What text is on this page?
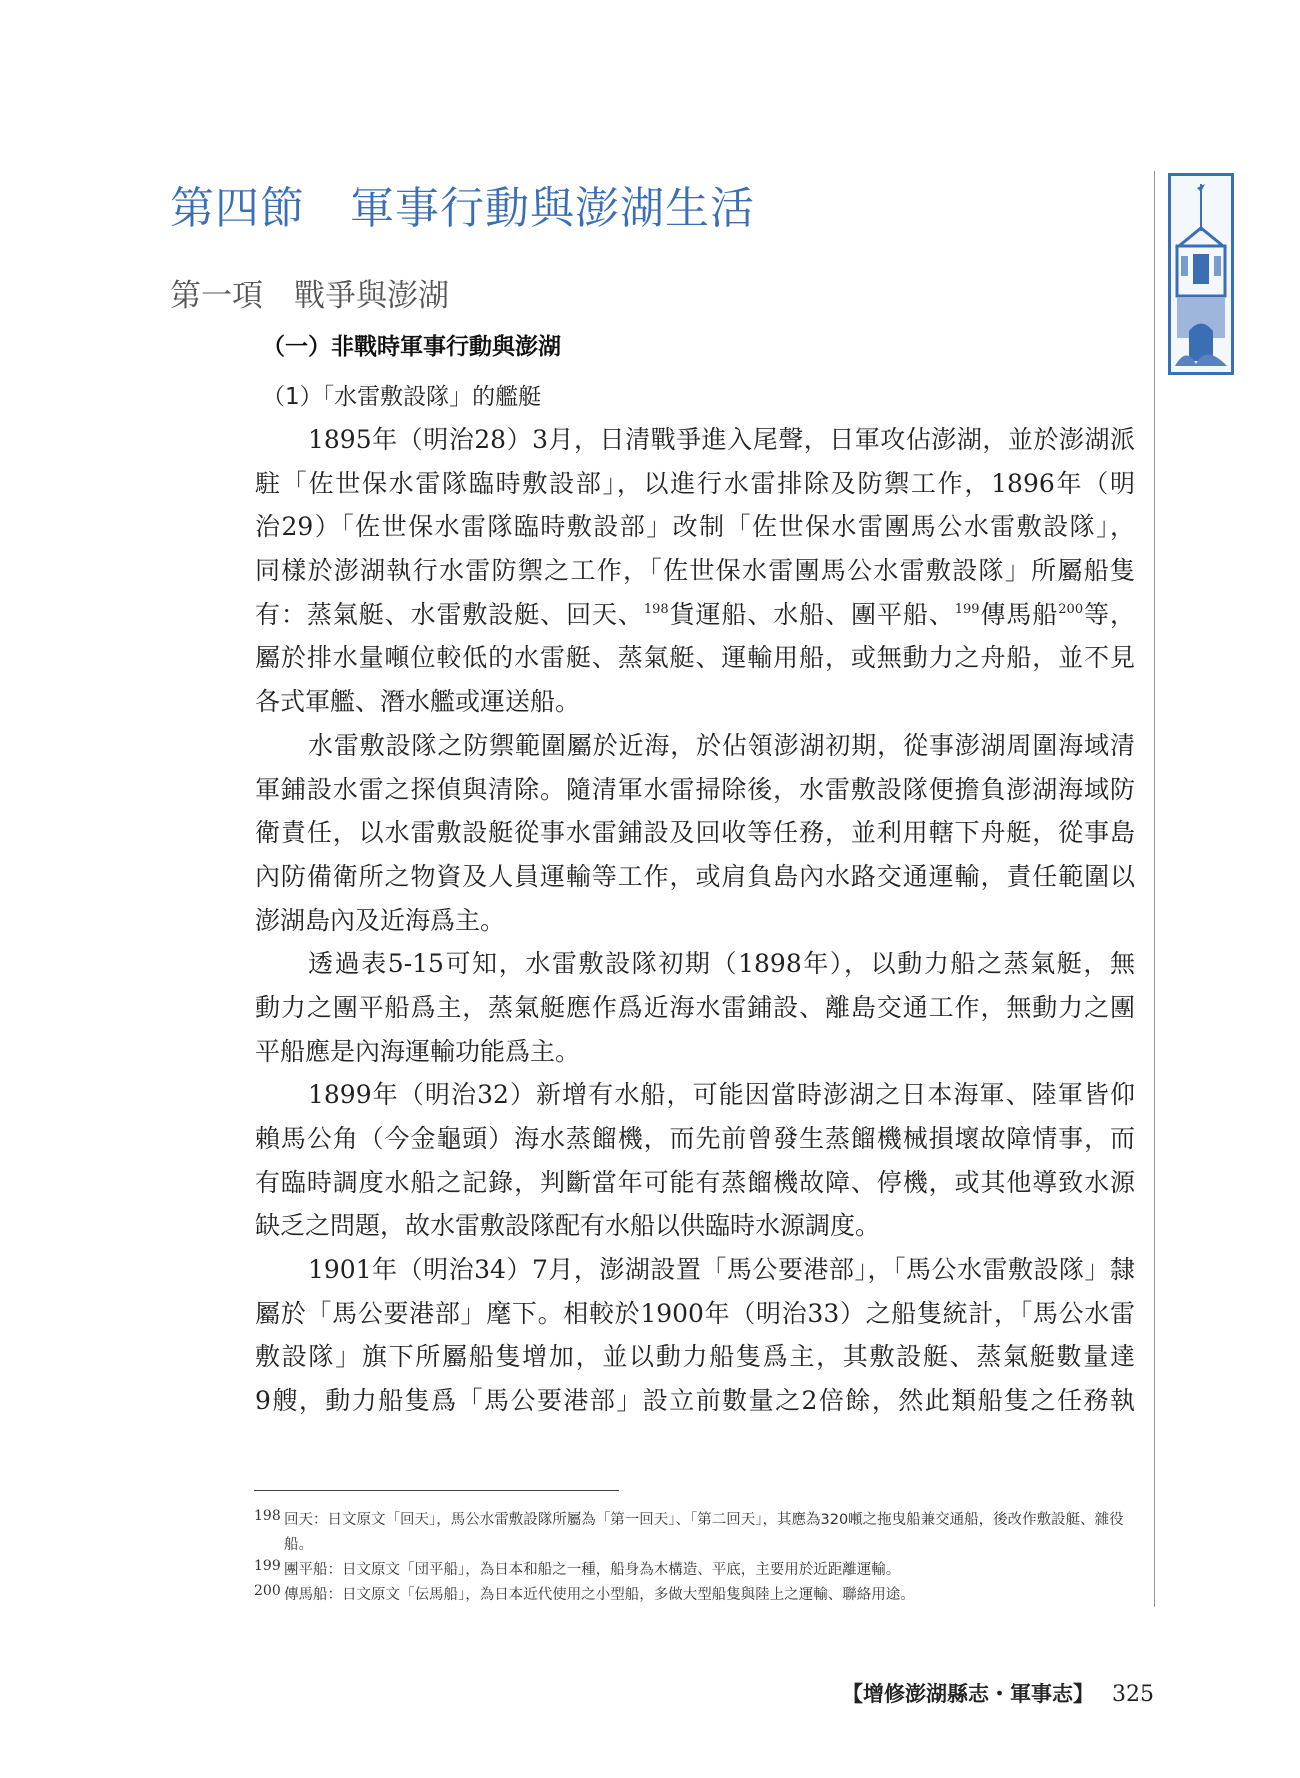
第四節　軍事行動與澎湖生活
第一項　戰爭與澎湖
（一）非戰時軍事行動與澎湖
（1）「水雷敷設隊」的艦艇
1895年（明治28）3月，日清戰爭進入尾聲，日軍攻佔澎湖，並於澎湖派
駐「佐世保水雷隊臨時敷設部」，以進行水雷排除及防禦工作，1896年（明
治29）「佐世保水雷隊臨時敷設部」改制「佐世保水雷團馬公水雷敷設隊」，
同樣於澎湖執行水雷防禦之工作，「佐世保水雷團馬公水雷敷設隊」所屬船隻
有：蒸氣艇、水雷敷設艇、回天、$^{198}$貨運船、水船、團平船、$^{199}$傳馬船$^{200}$等，
屬於排水量噸位較低的水雷艇、蒸氣艇、運輸用船，或無動力之舟船，並不見
各式軍艦、潛水艦或運送船。
水雷敷設隊之防禦範圍屬於近海，於佔領澎湖初期，從事澎湖周圍海域清
軍鋪設水雷之探偵與清除。隨清軍水雷掃除後，水雷敷設隊便擔負澎湖海域防
衛責任，以水雷敷設艇從事水雷鋪設及回收等任務，並利用轄下舟艇，從事島
內防備衛所之物資及人員運輸等工作，或肩負島內水路交通運輸，責任範圍以
澎湖島內及近海爲主。
透過表5-15可知，水雷敷設隊初期（1898年），以動力船之蒸氣艇，無
動力之團平船爲主，蒸氣艇應作爲近海水雷鋪設、離島交通工作，無動力之團
平船應是內海運輸功能爲主。
1899年（明治32）新增有水船，可能因當時澎湖之日本海軍、陸軍皆仰
賴馬公角（今金龜頭）海水蒸餾機，而先前曾發生蒸餾機械損壞故障情事，而
有臨時調度水船之記錄，判斷當年可能有蒸餾機故障、停機，或其他導致水源
缺乏之問題，故水雷敷設隊配有水船以供臨時水源調度。
1901年（明治34）7月，澎湖設置「馬公要港部」，「馬公水雷敷設隊」隸
屬於「馬公要港部」麾下。相較於1900年（明治33）之船隻統計，「馬公水雷
敷設隊」旗下所屬船隻增加，並以動力船隻爲主，其敷設艇、蒸氣艇數量達
9艘，動力船隻爲「馬公要港部」設立前數量之2倍餘，然此類船隻之任務執
198 回天：日文原文「回天」，馬公水雷敷設隊所屬為「第一回天」、「第二回天」，其應為320噸之拖曳船兼交通船，後改作敷設艇、雜役船。
199 團平船：日文原文「団平船」，為日本和船之一種，船身為木構造、平底，主要用於近距離運輸。
200 傳馬船：日文原文「伝馬船」，為日本近代使用之小型船，多做大型船隻與陸上之運輸、聯絡用途。
【增修澎湖縣志・軍事志】 325
